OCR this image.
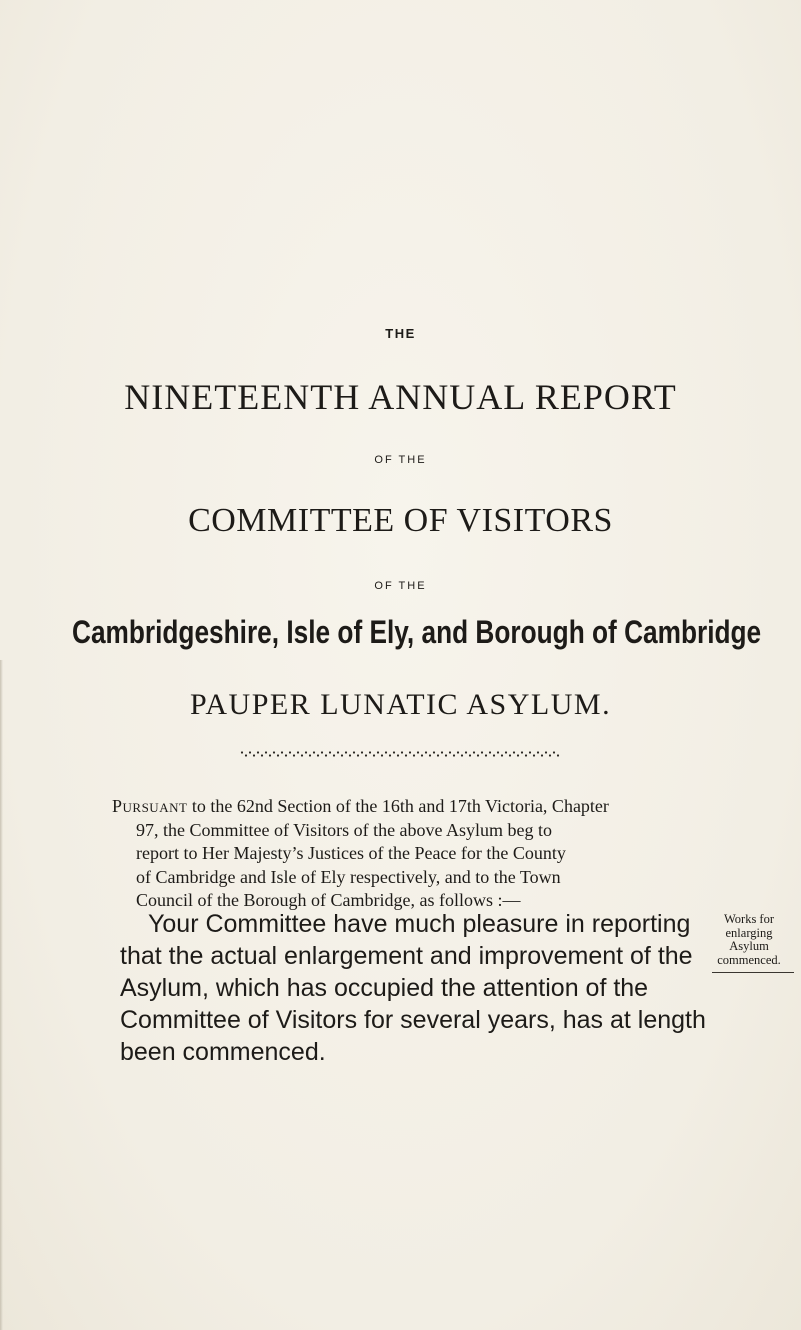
THE
NINETEENTH ANNUAL REPORT
OF THE
COMMITTEE OF VISITORS
OF THE
Cambridgeshire, Isle of Ely, and Borough of Cambridge
PAUPER LUNATIC ASYLUM.
Pursuant to the 62nd Section of the 16th and 17th Victoria, Chapter
97, the Committee of Visitors of the above Asylum beg to
report to Her Majesty’s Justices of the Peace for the County
of Cambridge and Isle of Ely respectively, and to the Town
Council of the Borough of Cambridge, as follows :—
Your Committee have much pleasure in reporting
that the actual enlargement and improvement of the
Asylum, which has occupied the attention of the
Committee of Visitors for several years, has at length
been commenced.
Works for
enlarging
Asylum
commenced.
